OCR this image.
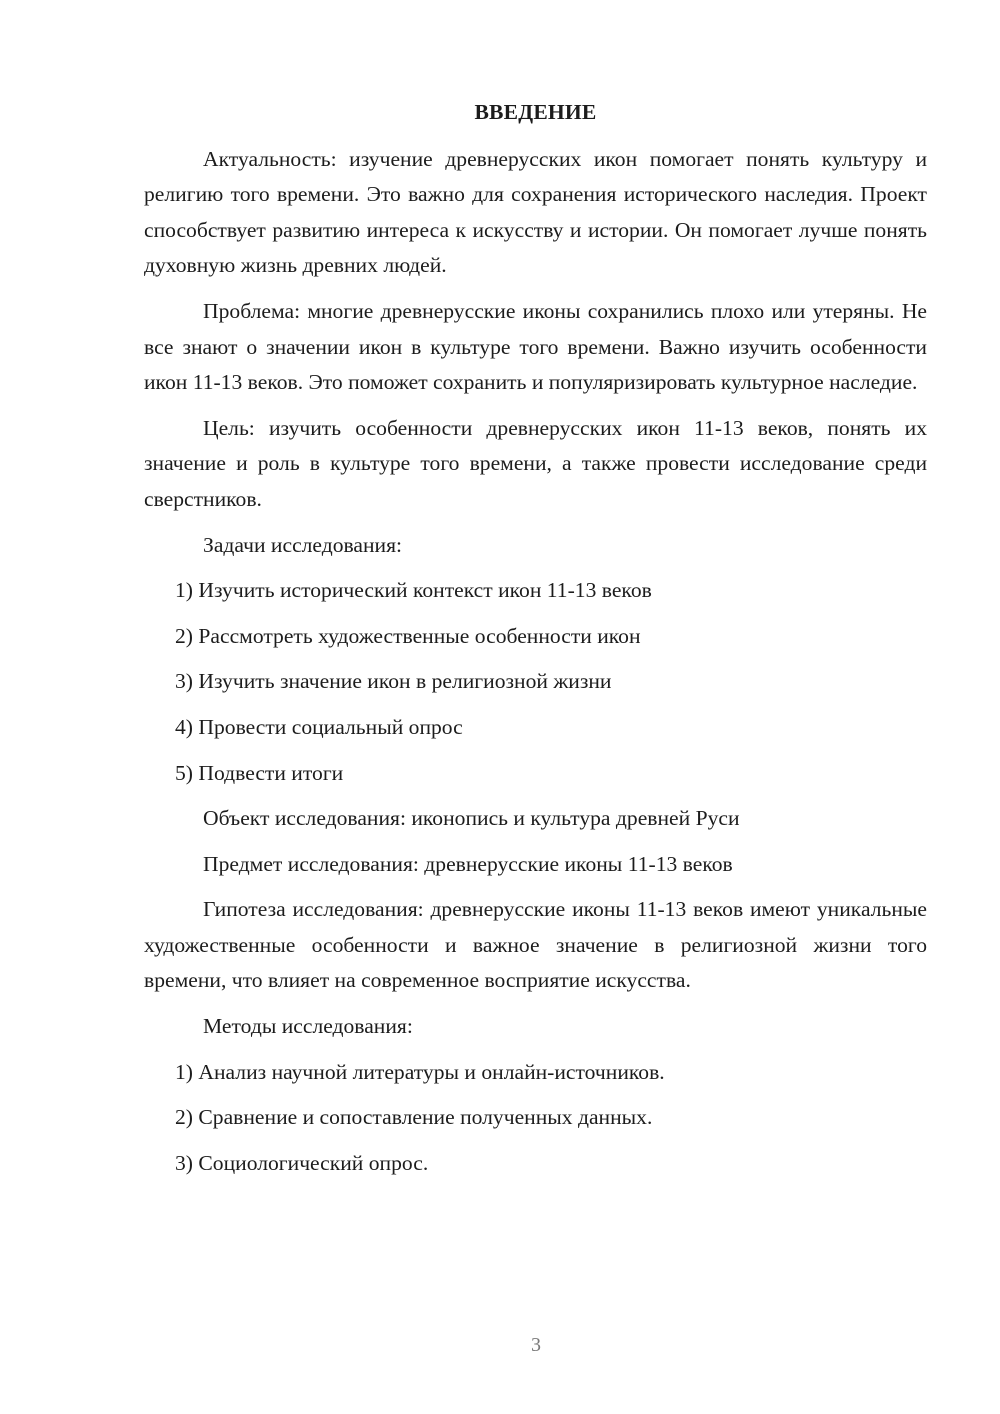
ВВЕДЕНИЕ

Актуальность: изучение древнерусских икон помогает понять культуру и религию того времени. Это важно для сохранения исторического наследия. Проект способствует развитию интереса к искусству и истории. Он помогает лучше понять духовную жизнь древних людей.

Проблема: многие древнерусские иконы сохранились плохо или утеряны. Не все знают о значении икон в культуре того времени. Важно изучить особенности икон 11-13 веков. Это поможет сохранить и популяризировать культурное наследие.

Цель: изучить особенности древнерусских икон 11-13 веков, понять их значение и роль в культуре того времени, а также провести исследование среди сверстников.

Задачи исследования:

1) Изучить исторический контекст икон 11-13 веков
2) Рассмотреть художественные особенности икон
3) Изучить значение икон в религиозной жизни
4) Провести социальный опрос
5) Подвести итоги

Объект исследования: иконопись и культура древней Руси

Предмет исследования: древнерусские иконы 11-13 веков

Гипотеза исследования: древнерусские иконы 11-13 веков имеют уникальные художественные особенности и важное значение в религиозной жизни того времени, что влияет на современное восприятие искусства.

Методы исследования:

1) Анализ научной литературы и онлайн-источников.
2) Сравнение и сопоставление полученных данных.
3) Социологический опрос.
3
